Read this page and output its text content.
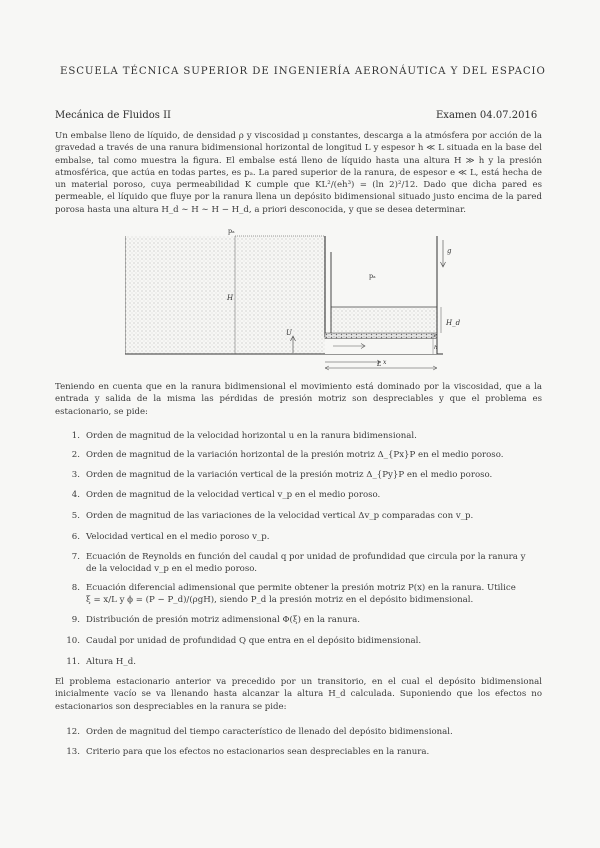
ESCUELA TÉCNICA SUPERIOR DE INGENIERÍA AERONÁUTICA Y DEL ESPACIO
Mecánica de Fluidos II	Examen 04.07.2016
Un embalse lleno de líquido, de densidad ρ y viscosidad μ constantes, descarga a la atmósfera por acción de la gravedad a través de una ranura bidimensional horizontal de longitud L y espesor h ≪ L situada en la base del embalse, tal como muestra la figura. El embalse está lleno de líquido hasta una altura H ≫ h y la presión atmosférica, que actúa en todas partes, es pₐ. La pared superior de la ranura, de espesor e ≪ L, está hecha de un material poroso, cuya permeabilidad K cumple que KL²/(eh³) = (ln 2)²/12. Dado que dicha pared es permeable, el líquido que fluye por la ranura llena un depósito bidimensional situado justo encima de la pared porosa hasta una altura H_d ∼ H ∼ H − H_d, a priori desconocida, y que se desea determinar.
pₐ
H
pₐ
g
H_d
e
h
U
x
L
Teniendo en cuenta que en la ranura bidimensional el movimiento está dominado por la viscosidad, que a la entrada y salida de la misma las pérdidas de presión motriz son despreciables y que el problema es estacionario, se pide:
1. Orden de magnitud de la velocidad horizontal u en la ranura bidimensional.
2. Orden de magnitud de la variación horizontal de la presión motriz Δ_{Px}P en el medio poroso.
3. Orden de magnitud de la variación vertical de la presión motriz Δ_{Py}P en el medio poroso.
4. Orden de magnitud de la velocidad vertical v_p en el medio poroso.
5. Orden de magnitud de las variaciones de la velocidad vertical Δv_p comparadas con v_p.
6. Velocidad vertical en el medio poroso v_p.
7. Ecuación de Reynolds en función del caudal q por unidad de profundidad que circula por la ranura y
de la velocidad v_p en el medio poroso.
8. Ecuación diferencial adimensional que permite obtener la presión motriz P(x) en la ranura. Utilice
ξ = x/L y ϕ = (P − P_d)/(ρgH), siendo P_d la presión motriz en el depósito bidimensional.
9. Distribución de presión motriz adimensional Φ(ξ) en la ranura.
10. Caudal por unidad de profundidad Q que entra en el depósito bidimensional.
11. Altura H_d.
El problema estacionario anterior va precedido por un transitorio, en el cual el depósito bidimensional inicialmente vacío se va llenando hasta alcanzar la altura H_d calculada. Suponiendo que los efectos no estacionarios son despreciables en la ranura se pide:
12. Orden de magnitud del tiempo característico de llenado del depósito bidimensional.
13. Criterio para que los efectos no estacionarios sean despreciables en la ranura.
